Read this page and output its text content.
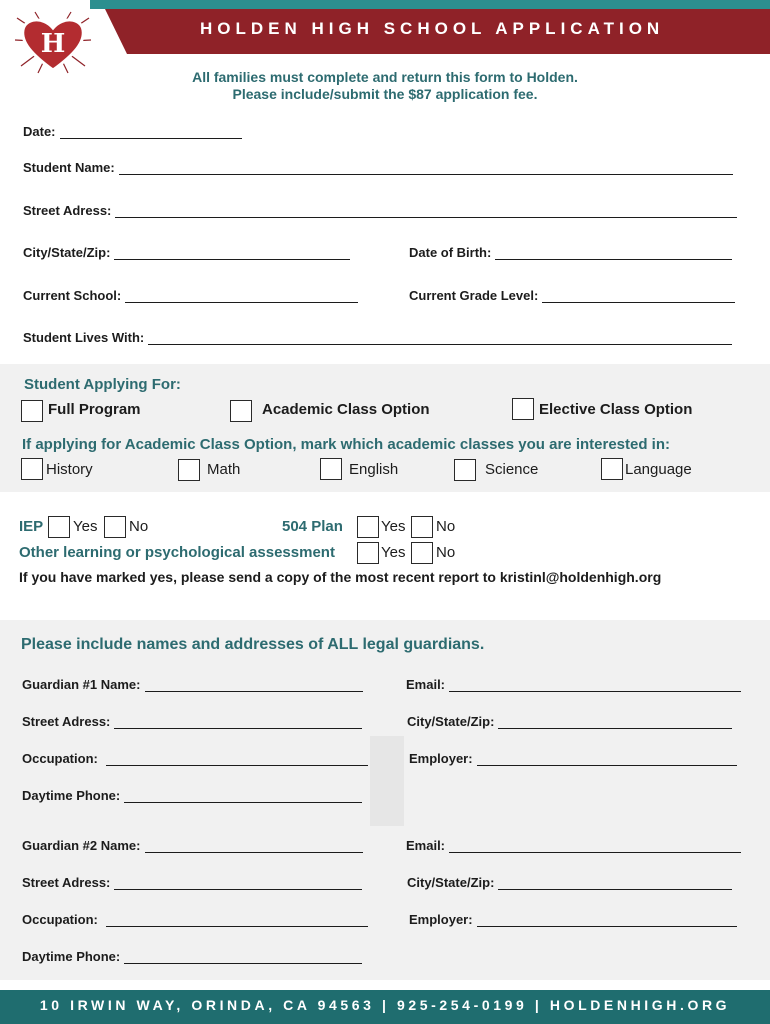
HOLDEN HIGH SCHOOL APPLICATION
H
All families must complete and return this form to Holden.
Please include/submit the $87 application fee.
Date:
Student Name:
Street Adress:
City/State/Zip:	Date of Birth:
Current School:	Current Grade Level:
Student Lives With:
Student Applying For:
Full Program	Academic Class Option	Elective Class Option
If applying for Academic Class Option, mark which academic classes you are interested in:
History	Math	English	Science	Language
IEP Yes No	504 Plan	Yes No
Other learning or psychological assessment	Yes No
If you have marked yes, please send a copy of the most recent report to kristinl@holdenhigh.org
Please include names and addresses of ALL legal guardians.
Guardian #1 Name:	Email:
Street Adress:	City/State/Zip:
Occupation:	Employer:
Daytime Phone:
Guardian #2 Name:	Email:
Street Adress:	City/State/Zip:
Occupation:	Employer:
Daytime Phone:
10 IRWIN WAY, ORINDA, CA 94563 | 925-254-0199 | HOLDENHIGH.ORG
